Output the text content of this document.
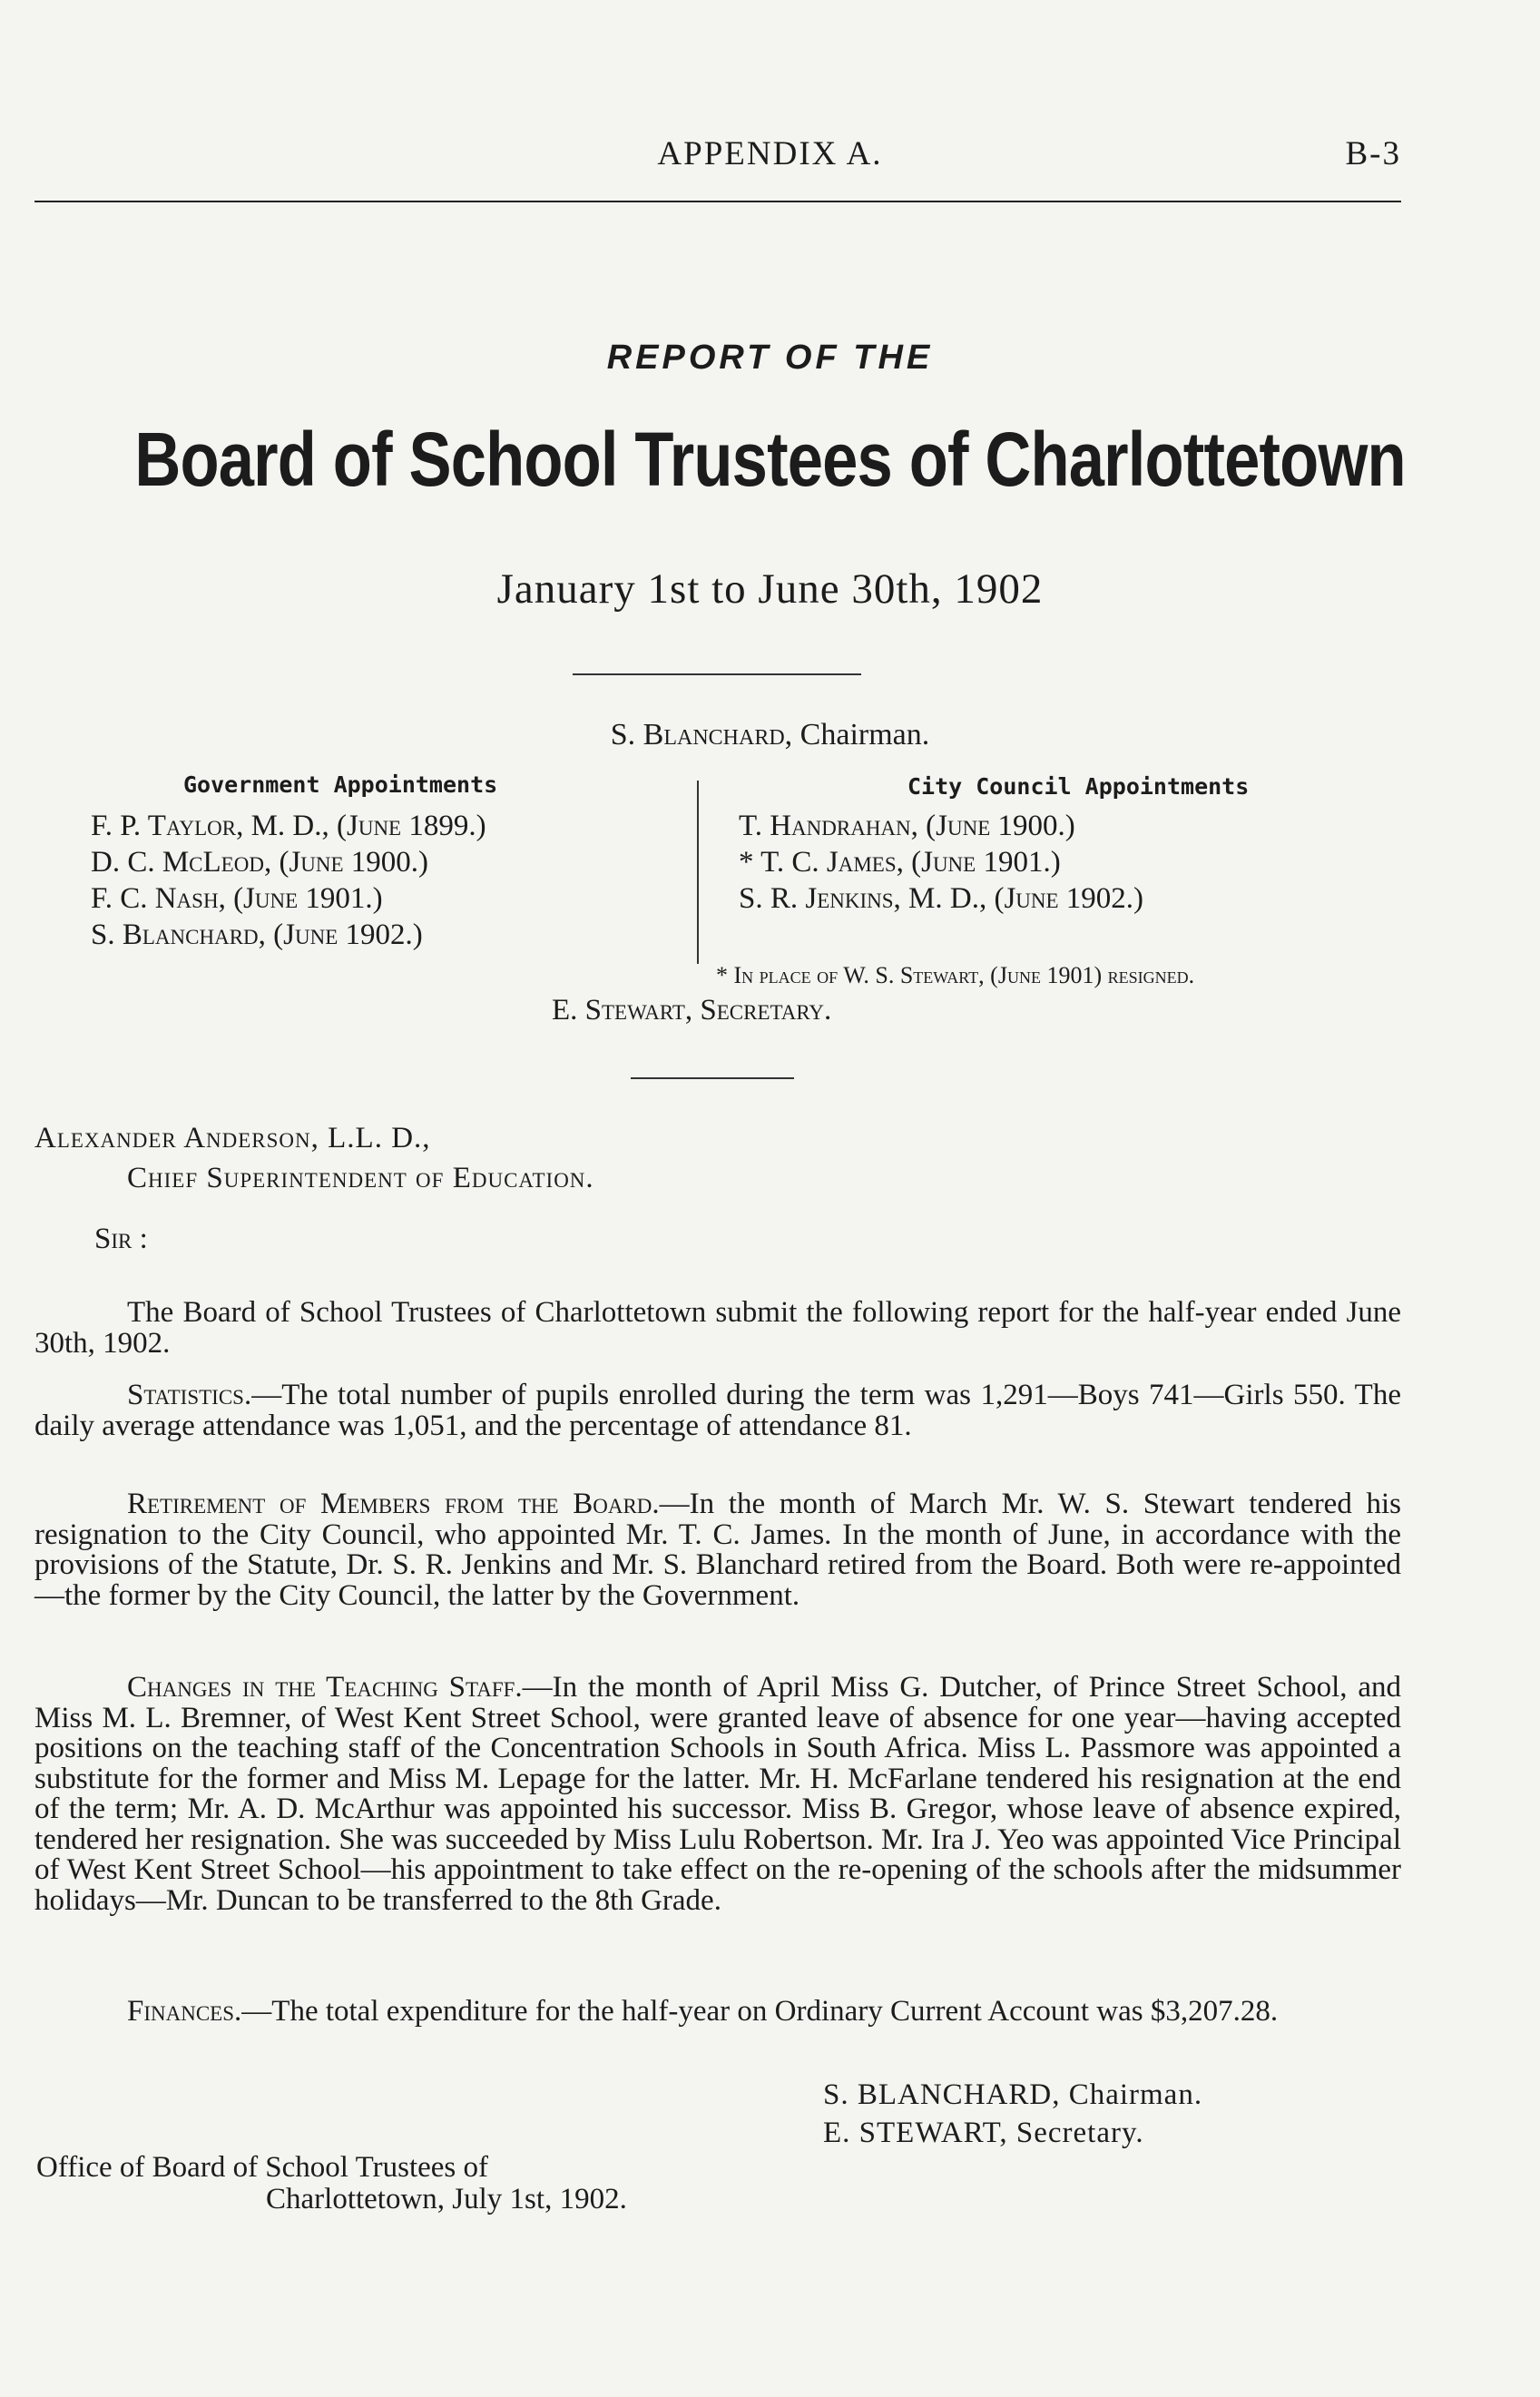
APPENDIX A.	B-3
REPORT OF THE
Board of School Trustees of Charlottetown
January 1st to June 30th, 1902
S. Blanchard, Chairman.
Government Appointments
F. P. Taylor, M. D., (June 1899.)
D. C. McLeod, (June 1900.)
F. C. Nash, (June 1901.)
S. Blanchard, (June 1902.)
City Council Appointments
T. Handrahan, (June 1900.)
* T. C. James, (June 1901.)
S. R. Jenkins, M. D., (June 1902.)
* In place of W. S. Stewart, (June 1901) resigned.
E. Stewart, Secretary.
Alexander Anderson, L.L. D.,
Chief Superintendent of Education.
Sir :

The Board of School Trustees of Charlottetown submit the following report for the half-year ended June 30th, 1902.

Statistics.—The total number of pupils enrolled during the term was 1,291—Boys 741—Girls 550. The daily average attendance was 1,051, and the percentage of attendance 81.

Retirement of Members from the Board.—In the month of March Mr. W. S. Stewart tendered his resignation to the City Council, who appointed Mr. T. C. James. In the month of June, in accordance with the provisions of the Statute, Dr. S. R. Jenkins and Mr. S. Blanchard retired from the Board. Both were re-appointed—the former by the City Council, the latter by the Government.

Changes in the Teaching Staff.—In the month of April Miss G. Dutcher, of Prince Street School, and Miss M. L. Bremner, of West Kent Street School, were granted leave of absence for one year—having accepted positions on the teaching staff of the Concentration Schools in South Africa. Miss L. Passmore was appointed a substitute for the former and Miss M. Lepage for the latter. Mr. H. McFarlane tendered his resignation at the end of the term; Mr. A. D. McArthur was appointed his successor. Miss B. Gregor, whose leave of absence expired, tendered her resignation. She was succeeded by Miss Lulu Robertson. Mr. Ira J. Yeo was appointed Vice Principal of West Kent Street School—his appointment to take effect on the re-opening of the schools after the midsummer holidays—Mr. Duncan to be transferred to the 8th Grade.

Finances.—The total expenditure for the half-year on Ordinary Current Account was $3,207.28.

S. BLANCHARD, Chairman.
E. STEWART, Secretary.
Office of Board of School Trustees of
Charlottetown, July 1st, 1902.
